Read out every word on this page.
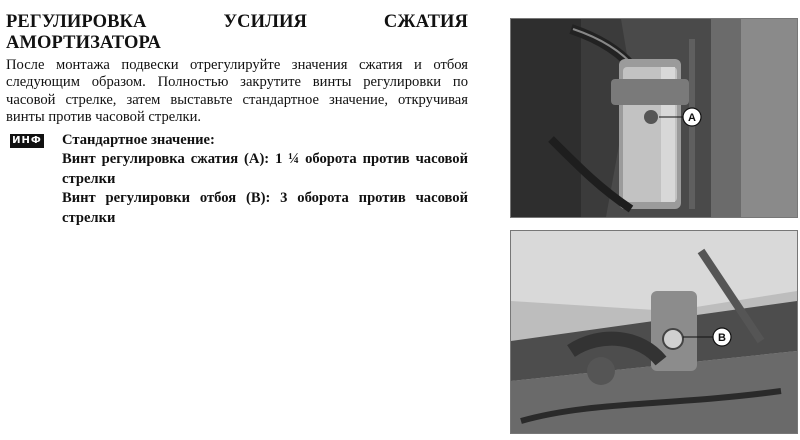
РЕГУЛИРОВКА	УСИЛИЯ	СЖАТИЯ
АМОРТИЗАТОРА

После монтажа подвески отрегулируйте значения сжатия и отбоя следующим образом. Полностью закрутите винты регулировки по часовой стрелке, затем выставьте стандартное значение, откручивая винты против часовой стрелки.

ИНФ Стандартное значение:

Винт регулировка сжатия (A): 1 ¼ оборота против часовой стрелки

Винт регулировки отбоя (B): 3 оборота против часовой стрелки

A
B
